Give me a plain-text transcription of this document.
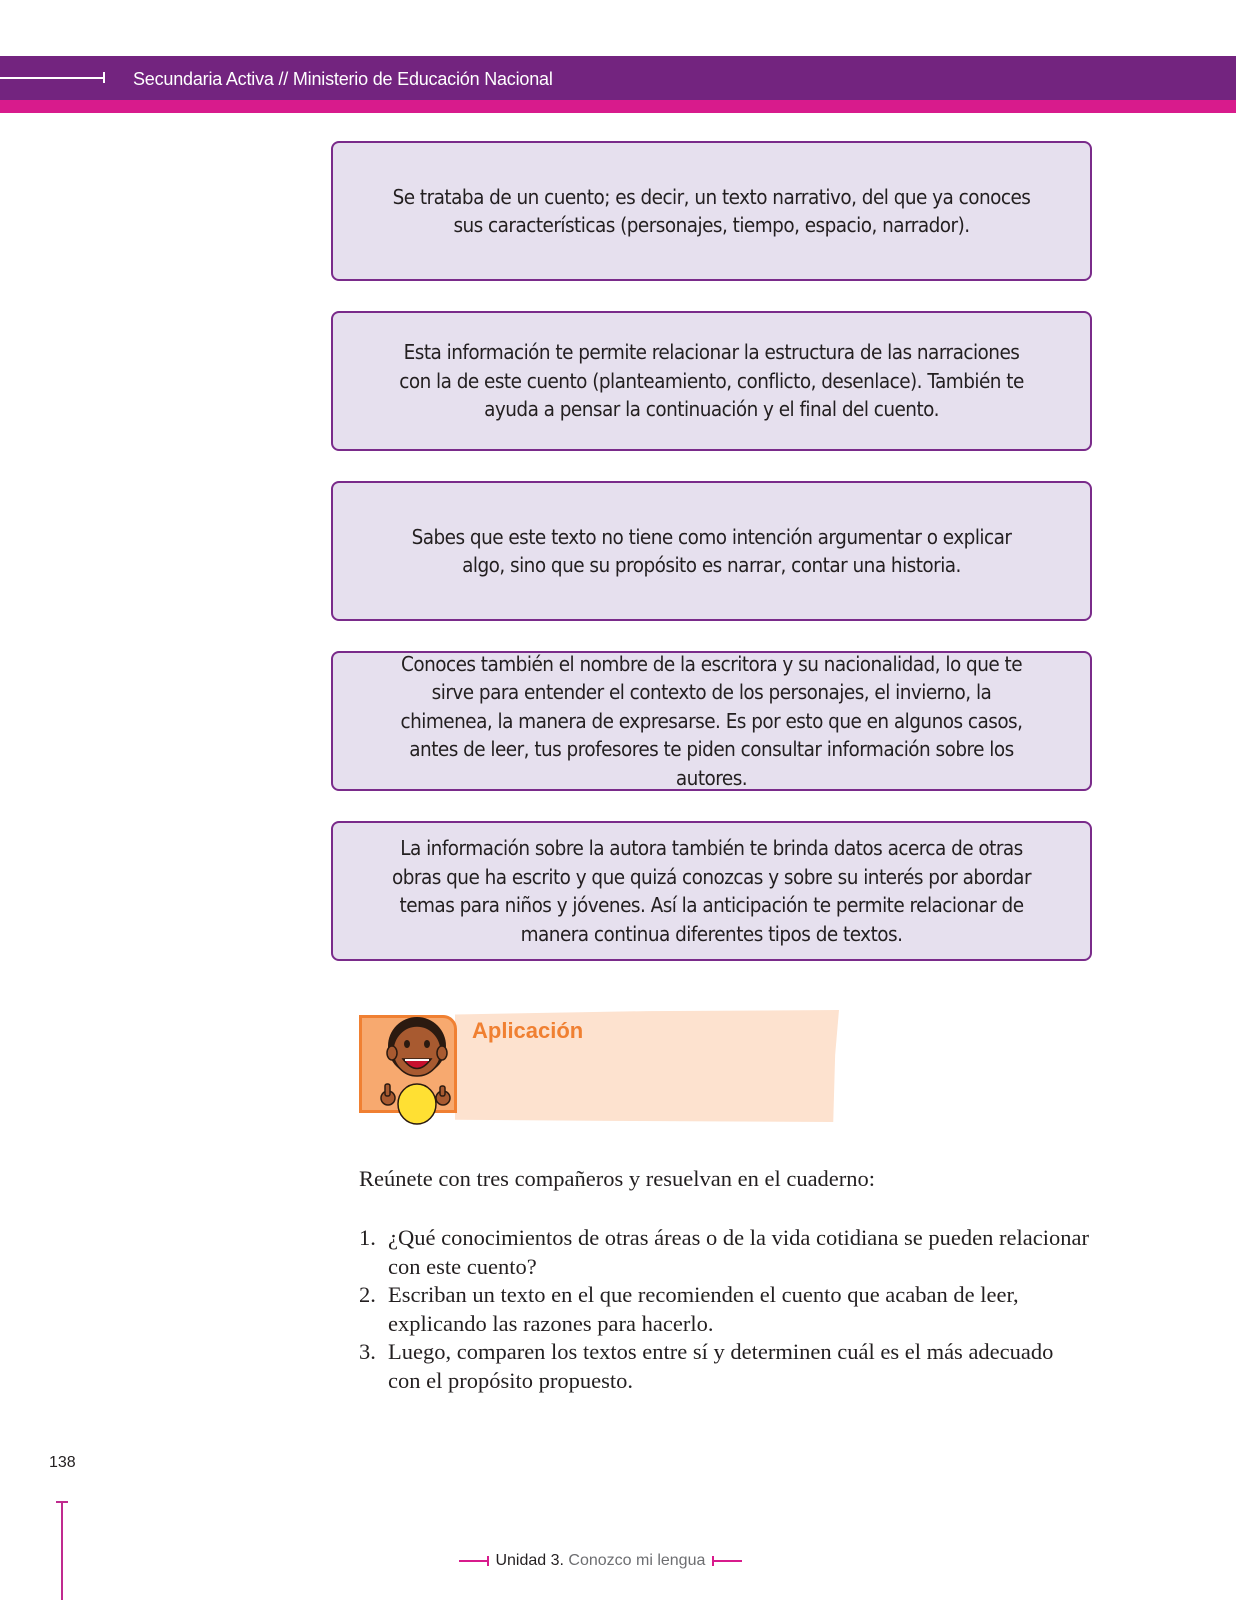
Secundaria Activa // Ministerio de Educación Nacional
Se trataba de un cuento; es decir, un texto narrativo, del que ya conoces sus características (personajes, tiempo, espacio, narrador).
Esta información te permite relacionar la estructura de las narraciones con la de este cuento (planteamiento, conflicto, desenlace). También te ayuda a pensar la continuación y el final del cuento.
Sabes que este texto no tiene como intención argumentar o explicar algo, sino que su propósito es narrar, contar una historia.
Conoces también el nombre de la escritora y su nacionalidad, lo que te sirve para entender el contexto de los personajes, el invierno, la chimenea, la manera de expresarse. Es por esto que en algunos casos, antes de leer, tus profesores te piden consultar información sobre los autores.
La información sobre la autora también te brinda datos acerca de otras obras que ha escrito y que quizá conozcas y sobre su interés por abordar temas para niños y jóvenes. Así la anticipación te permite relacionar de manera continua diferentes tipos de textos.
Aplicación
Reúnete con tres compañeros y resuelvan en el cuaderno:
1. ¿Qué conocimientos de otras áreas o de la vida cotidiana se pueden relacionar con este cuento?
2. Escriban un texto en el que recomienden el cuento que acaban de leer, explicando las razones para hacerlo.
3. Luego, comparen los textos entre sí y determinen cuál es el más adecuado con el propósito propuesto.
138
Unidad 3. Conozco mi lengua
